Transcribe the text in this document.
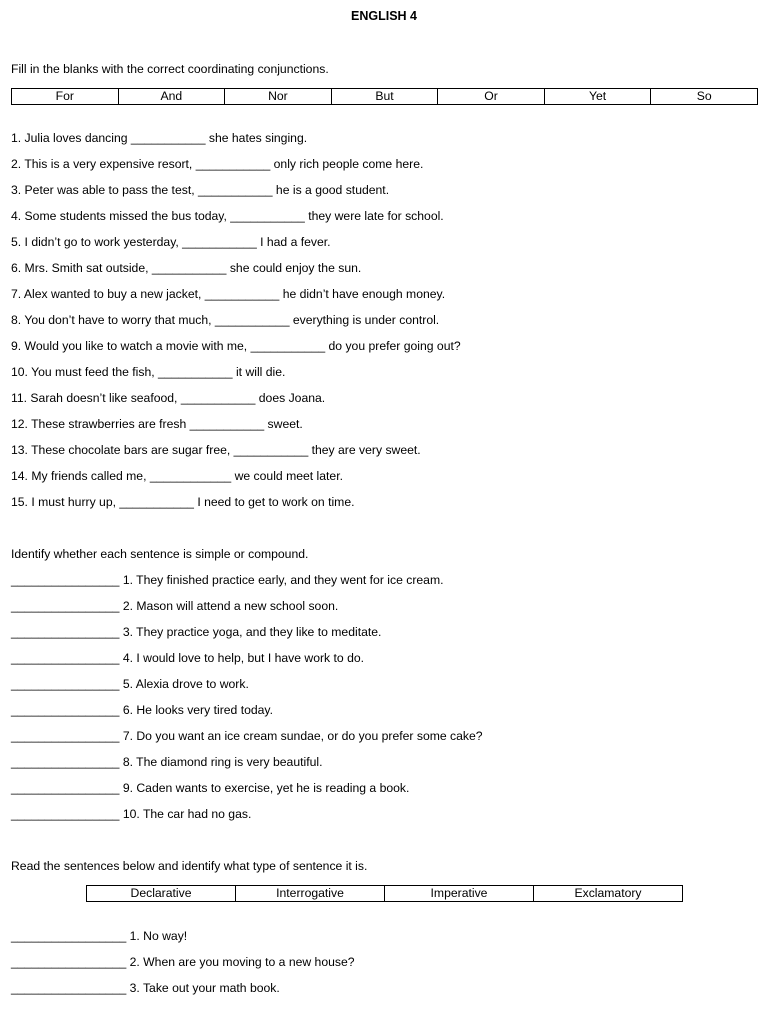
ENGLISH 4
Fill in the blanks with the correct coordinating conjunctions.
For	And	Nor	But	Or	Yet	So
1. Julia loves dancing ___________ she hates singing.
2. This is a very expensive resort, ___________ only rich people come here.
3. Peter was able to pass the test, ___________ he is a good student.
4. Some students missed the bus today, ___________ they were late for school.
5. I didn’t go to work yesterday, ___________ I had a fever.
6. Mrs. Smith sat outside, ___________ she could enjoy the sun.
7. Alex wanted to buy a new jacket, ___________ he didn’t have enough money.
8. You don’t have to worry that much, ___________ everything is under control.
9. Would you like to watch a movie with me, ___________ do you prefer going out?
10. You must feed the fish, ___________ it will die.
11. Sarah doesn’t like seafood, ___________ does Joana.
12. These strawberries are fresh ___________ sweet.
13. These chocolate bars are sugar free, ___________ they are very sweet.
14. My friends called me, ____________ we could meet later.
15. I must hurry up, ___________ I need to get to work on time.
Identify whether each sentence is simple or compound.
________________ 1. They finished practice early, and they went for ice cream.
________________ 2. Mason will attend a new school soon.
________________ 3. They practice yoga, and they like to meditate.
________________ 4. I would love to help, but I have work to do.
________________ 5. Alexia drove to work.
________________ 6. He looks very tired today.
________________ 7. Do you want an ice cream sundae, or do you prefer some cake?
________________ 8. The diamond ring is very beautiful.
________________ 9. Caden wants to exercise, yet he is reading a book.
________________ 10. The car had no gas.
Read the sentences below and identify what type of sentence it is.
Declarative	Interrogative	Imperative	Exclamatory
_________________ 1. No way!
_________________ 2. When are you moving to a new house?
_________________ 3. Take out your math book.
